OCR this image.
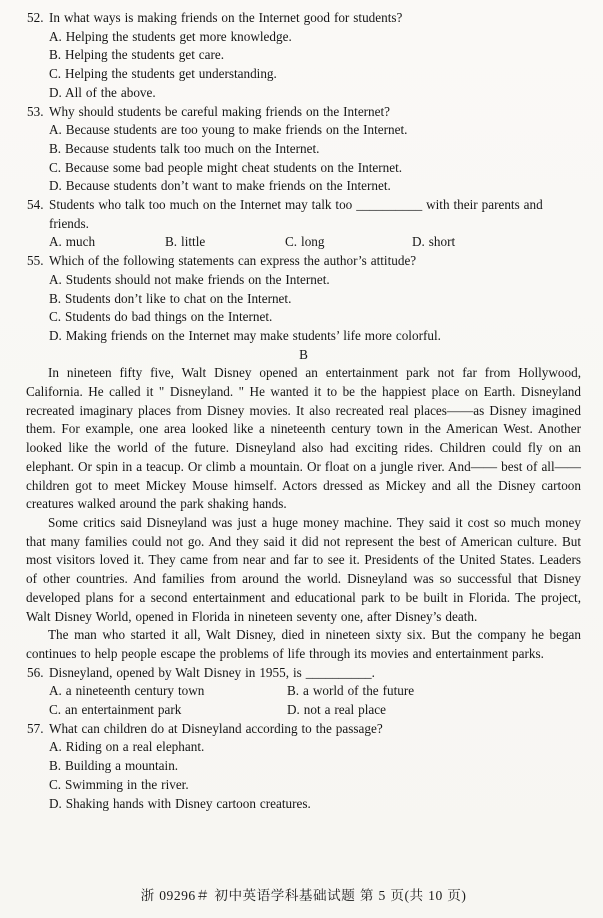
52. In what ways is making friends on the Internet good for students?
A. Helping the students get more knowledge.
B. Helping the students get care.
C. Helping the students get understanding.
D. All of the above.
53. Why should students be careful making friends on the Internet?
A. Because students are too young to make friends on the Internet.
B. Because students talk too much on the Internet.
C. Because some bad people might cheat students on the Internet.
D. Because students don’t want to make friends on the Internet.
54. Students who talk too much on the Internet may talk too __________ with their parents and friends.
A. much	B. little	C. long	D. short
55. Which of the following statements can express the author’s attitude?
A. Students should not make friends on the Internet.
B. Students don’t like to chat on the Internet.
C. Students do bad things on the Internet.
D. Making friends on the Internet may make students’ life more colorful.
B

In nineteen fifty five, Walt Disney opened an entertainment park not far from Hollywood, California. He called it " Disneyland. " He wanted it to be the happiest place on Earth. Disneyland recreated imaginary places from Disney movies. It also recreated real places——as Disney imagined them. For example, one area looked like a nineteenth century town in the American West. Another looked like the world of the future. Disneyland also had exciting rides. Children could fly on an elephant. Or spin in a teacup. Or climb a mountain. Or float on a jungle river. And—— best of all——children got to meet Mickey Mouse himself. Actors dressed as Mickey and all the Disney cartoon creatures walked around the park shaking hands.

Some critics said Disneyland was just a huge money machine. They said it cost so much money that many families could not go. And they said it did not represent the best of American culture. But most visitors loved it. They came from near and far to see it. Presidents of the United States. Leaders of other countries. And families from around the world. Disneyland was so successful that Disney developed plans for a second entertainment and educational park to be built in Florida. The project, Walt Disney World, opened in Florida in nineteen seventy one, after Disney’s death.

The man who started it all, Walt Disney, died in nineteen sixty six. But the company he began continues to help people escape the problems of life through its movies and entertainment parks.

56. Disneyland, opened by Walt Disney in 1955, is __________.
A. a nineteenth century town	B. a world of the future
C. an entertainment park	D. not a real place
57. What can children do at Disneyland according to the passage?
A. Riding on a real elephant.
B. Building a mountain.
C. Swimming in the river.
D. Shaking hands with Disney cartoon creatures.
浙 09296＃ 初中英语学科基础试题 第 5 页(共 10 页)
